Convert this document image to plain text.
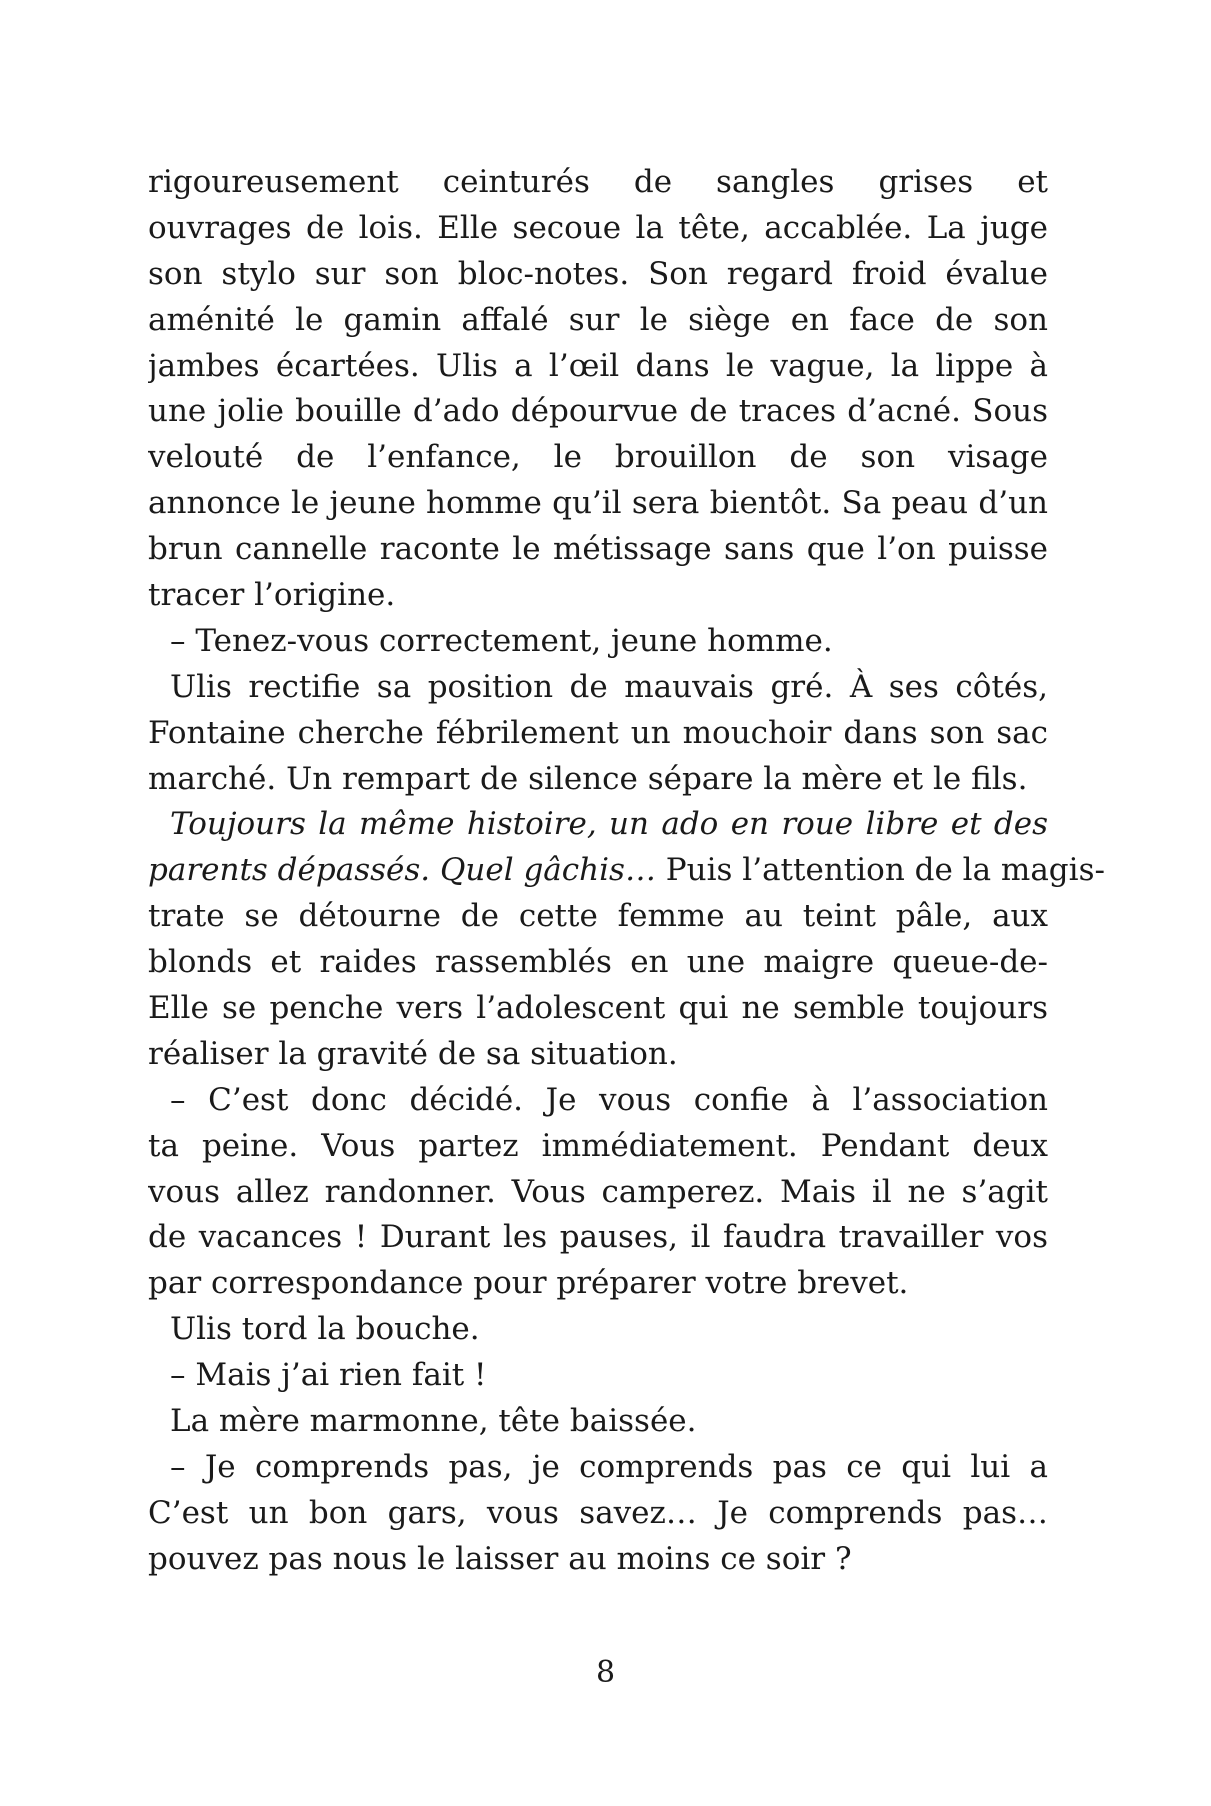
rigoureusement ceinturés de sangles grises et
ouvrages de lois. Elle secoue la tête, accablée. La juge
son stylo sur son bloc-notes. Son regard froid évalue
aménité le gamin affalé sur le siège en face de son
jambes écartées. Ulis a l’œil dans le vague, la lippe à
une jolie bouille d’ado dépourvue de traces d’acné. Sous
velouté de l’enfance, le brouillon de son visage
annonce le jeune homme qu’il sera bientôt. Sa peau d’un
brun cannelle raconte le métissage sans que l’on puisse
tracer l’origine.
– Tenez-vous correctement, jeune homme.
Ulis rectifie sa position de mauvais gré. À ses côtés,
Fontaine cherche fébrilement un mouchoir dans son sac
marché. Un rempart de silence sépare la mère et le fils.
Toujours la même histoire, un ado en roue libre et des
parents dépassés. Quel gâchis… Puis l’attention de la magis-
trate se détourne de cette femme au teint pâle, aux
blonds et raides rassemblés en une maigre queue-de-
Elle se penche vers l’adolescent qui ne semble toujours
réaliser la gravité de sa situation.
– C’est donc décidé. Je vous confie à l’association
ta peine. Vous partez immédiatement. Pendant deux
vous allez randonner. Vous camperez. Mais il ne s’agit
de vacances ! Durant les pauses, il faudra travailler vos
par correspondance pour préparer votre brevet.
Ulis tord la bouche.
– Mais j’ai rien fait !
La mère marmonne, tête baissée.
– Je comprends pas, je comprends pas ce qui lui a
C’est un bon gars, vous savez… Je comprends pas…
pouvez pas nous le laisser au moins ce soir ?
8
